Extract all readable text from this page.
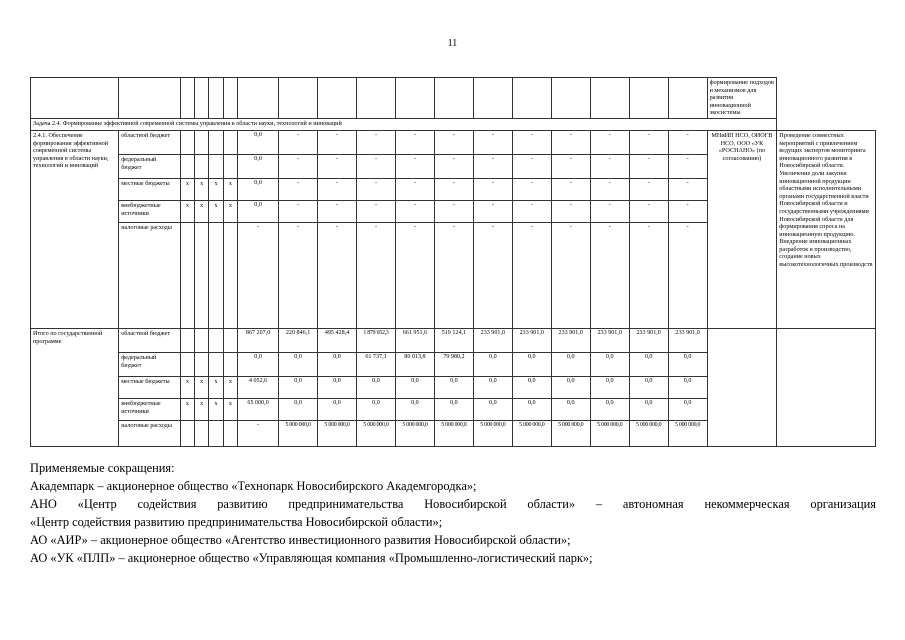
11
																		формирование подходов и механизмов для развития инновационной экосистемы	
Задача 2.4. Формирование эффективной современной системы управления в области науки, технологий и инноваций																			
2.4.1. Обеспечение формирования эффективной современной системы управления в области науки, технологий и инноваций	областной бюджет					0,0	-	-	-	-	-	-	-	-	-	-	-	МНиИП НСО, ОИОГВ НСО, ООО «УК «РОСНАНО» (по согласованию)	Проведение совместных мероприятий с привлечением ведущих экспертов мониторинга инновационного развития в Новосибирской области. Увеличение доли закупки инновационной продукции областными исполнительными органами государственной власти Новосибирской области и государственными учреждениями Новосибирской области для формирования спроса на инновационную продукцию. Внедрение инновационных разработок в производство, создание новых высокотехнологичных производств
	федеральный бюджет					0,0	-	-	-	-	-	-	-	-	-	-	-		
	местные бюджеты	x	x	x	x	0,0	-	-	-	-	-	-	-	-	-	-	-		
	внебюджетные источники	x	x	x	x	0,0	-	-	-	-	-	-	-	-	-	-	-		
	налоговые расходы					-	-	-	-	-	-	-	-	-	-	-	-		
Итого по государственной программе	областной бюджет					867 207,0	220 846,1	495 428,4	1 879 652,3	661 951,6	519 124,1	233 901,0	233 901,0	233 901,0	233 901,0	233 901,0	233 901,0		
	федеральный бюджет					0,0	0,0	0,0	61 737,1	80 013,8	79 980,2	0,0	0,0	0,0	0,0	0,0	0,0		
	местные бюджеты	x	x	x	x	4 052,6	0,0	0,0	0,0	0,0	0,0	0,0	0,0	0,0	0,0	0,0	0,0		
	внебюджетные источники	x	x	x	x	65 000,0	0,0	0,0	0,0	0,0	0,0	0,0	0,0	0,0	0,0	0,0	0,0		
	налоговые расходы					-	5 000 000,0	5 000 000,0	5 000 000,0	5 000 000,0	5 000 000,0	5 000 000,0	5 000 000,0	5 000 000,0	5 000 000,0	5 000 000,0	5 000 000,0		

Применяемые сокращения:

Академпарк – акционерное общество «Технопарк Новосибирского Академгородка»;

АНО «Центр содействия развитию предпринимательства Новосибирской области» – автономная некоммерческая организация

«Центр содействия развитию предпринимательства Новосибирской области»;

АО «АИР» – акционерное общество «Агентство инвестиционного развития Новосибирской области»;

АО «УК «ПЛП» – акционерное общество «Управляющая компания «Промышленно-логистический парк»;
